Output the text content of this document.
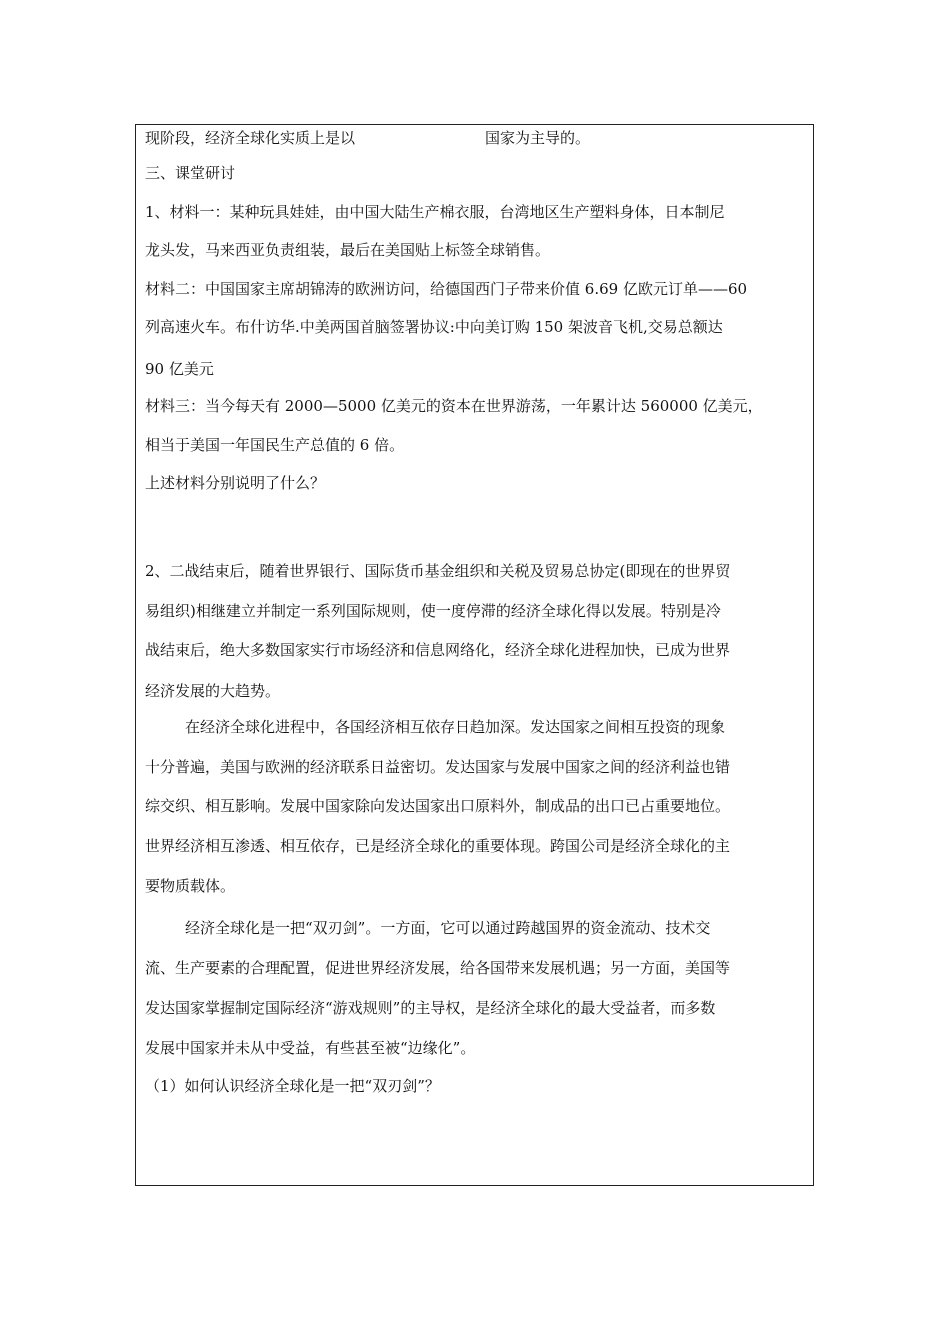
现阶段，经济全球化实质上是以	国家为主导的。
三、课堂研讨
1、材料一：某种玩具娃娃，由中国大陆生产棉衣服，台湾地区生产塑料身体，日本制尼
龙头发，马来西亚负责组装，最后在美国贴上标签全球销售。
材料二：中国国家主席胡锦涛的欧洲访问，给德国西门子带来价值 6.69 亿欧元订单——60
列高速火车。布什访华.中美两国首脑签署协议:中向美订购 150 架波音飞机,交易总额达
90 亿美元
材料三：当今每天有 2000—5000 亿美元的资本在世界游荡，一年累计达 560000 亿美元，
相当于美国一年国民生产总值的 6 倍。
上述材料分别说明了什么？
2、二战结束后，随着世界银行、国际货币基金组织和关税及贸易总协定(即现在的世界贸
易组织)相继建立并制定一系列国际规则，使一度停滞的经济全球化得以发展。特别是冷
战结束后，绝大多数国家实行市场经济和信息网络化，经济全球化进程加快，已成为世界
经济发展的大趋势。
在经济全球化进程中，各国经济相互依存日趋加深。发达国家之间相互投资的现象
十分普遍，美国与欧洲的经济联系日益密切。发达国家与发展中国家之间的经济利益也错
综交织、相互影响。发展中国家除向发达国家出口原料外，制成品的出口已占重要地位。
世界经济相互渗透、相互依存，已是经济全球化的重要体现。跨国公司是经济全球化的主
要物质载体。
经济全球化是一把“双刃剑”。一方面，它可以通过跨越国界的资金流动、技术交
流、生产要素的合理配置，促进世界经济发展，给各国带来发展机遇；另一方面，美国等
发达国家掌握制定国际经济“游戏规则”的主导权，是经济全球化的最大受益者，而多数
发展中国家并未从中受益，有些甚至被“边缘化”。
（1）如何认识经济全球化是一把“双刃剑”？
